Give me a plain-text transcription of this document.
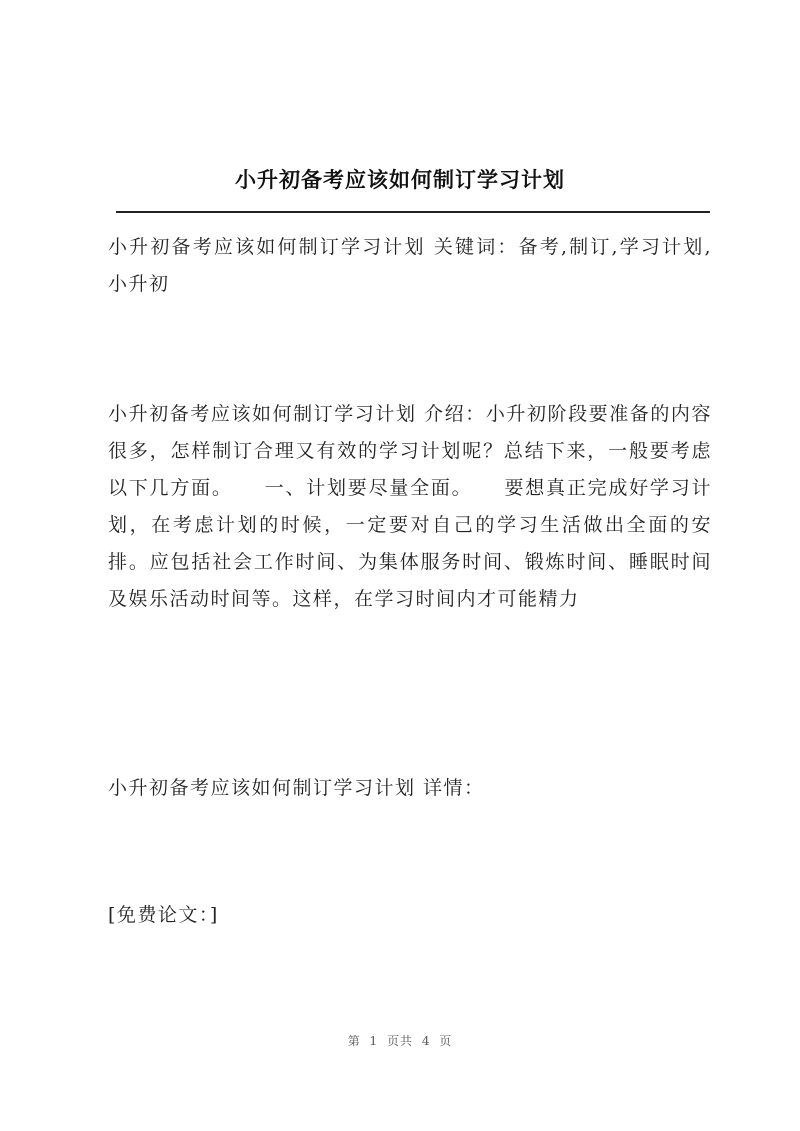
小升初备考应该如何制订学习计划

小升初备考应该如何制订学习计划 关键词：备考,制订,学习计划,小升初

小升初备考应该如何制订学习计划 介绍：小升初阶段要准备的内容很多，怎样制订合理又有效的学习计划呢？总结下来，一般要考虑以下几方面。　　一、计划要尽量全面。　　要想真正完成好学习计划，在考虑计划的时候，一定要对自己的学习生活做出全面的安排。应包括社会工作时间、为集体服务时间、锻炼时间、睡眠时间及娱乐活动时间等。这样，在学习时间内才可能精力

小升初备考应该如何制订学习计划 详情：

[免费论文：]

第 1 页共 4 页
